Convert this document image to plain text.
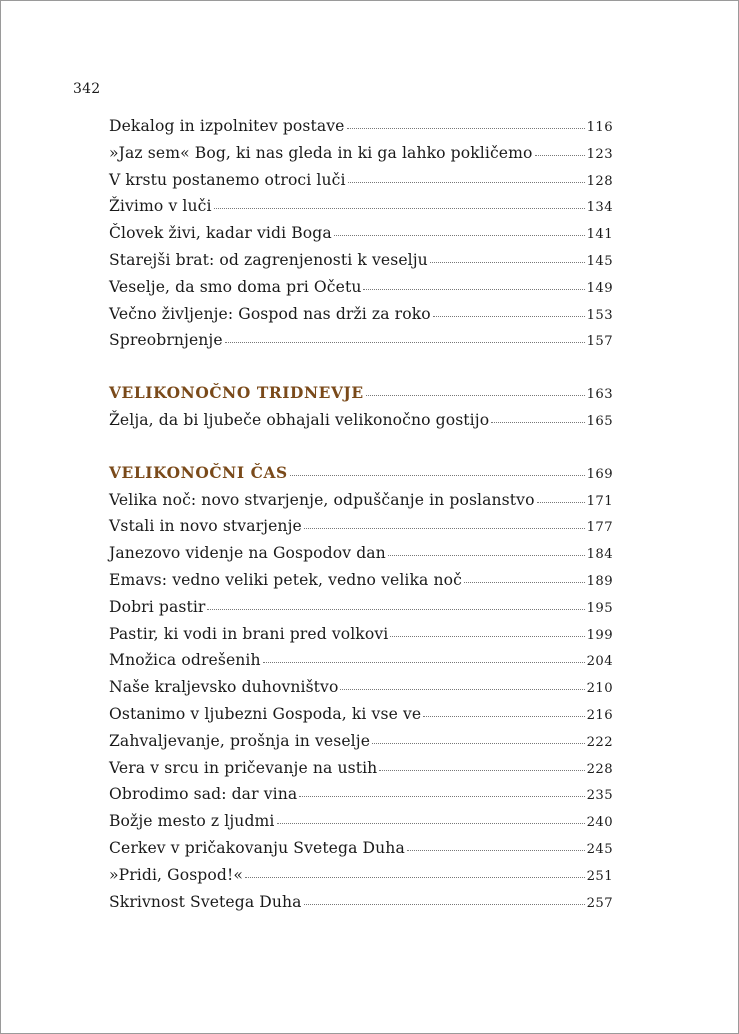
342
Dekalog in izpolnitev postave	116
»Jaz sem« Bog, ki nas gleda in ki ga lahko pokličemo	123
V krstu postanemo otroci luči	128
Živimo v luči	134
Človek živi, kadar vidi Boga	141
Starejši brat: od zagrenjenosti k veselju	145
Veselje, da smo doma pri Očetu	149
Večno življenje: Gospod nas drži za roko	153
Spreobrnjenje	157
VELIKONOČNO TRIDNEVJE	163
Želja, da bi ljubeče obhajali velikonočno gostijo	165
VELIKONOČNI ČAS	169
Velika noč: novo stvarjenje, odpuščanje in poslanstvo	171
Vstali in novo stvarjenje	177
Janezovo videnje na Gospodov dan	184
Emavs: vedno veliki petek, vedno velika noč	189
Dobri pastir	195
Pastir, ki vodi in brani pred volkovi	199
Množica odrešenih	204
Naše kraljevsko duhovništvo	210
Ostanimo v ljubezni Gospoda, ki vse ve	216
Zahvaljevanje, prošnja in veselje	222
Vera v srcu in pričevanje na ustih	228
Obrodimo sad: dar vina	235
Božje mesto z ljudmi	240
Cerkev v pričakovanju Svetega Duha	245
»Pridi, Gospod!«	251
Skrivnost Svetega Duha	257
